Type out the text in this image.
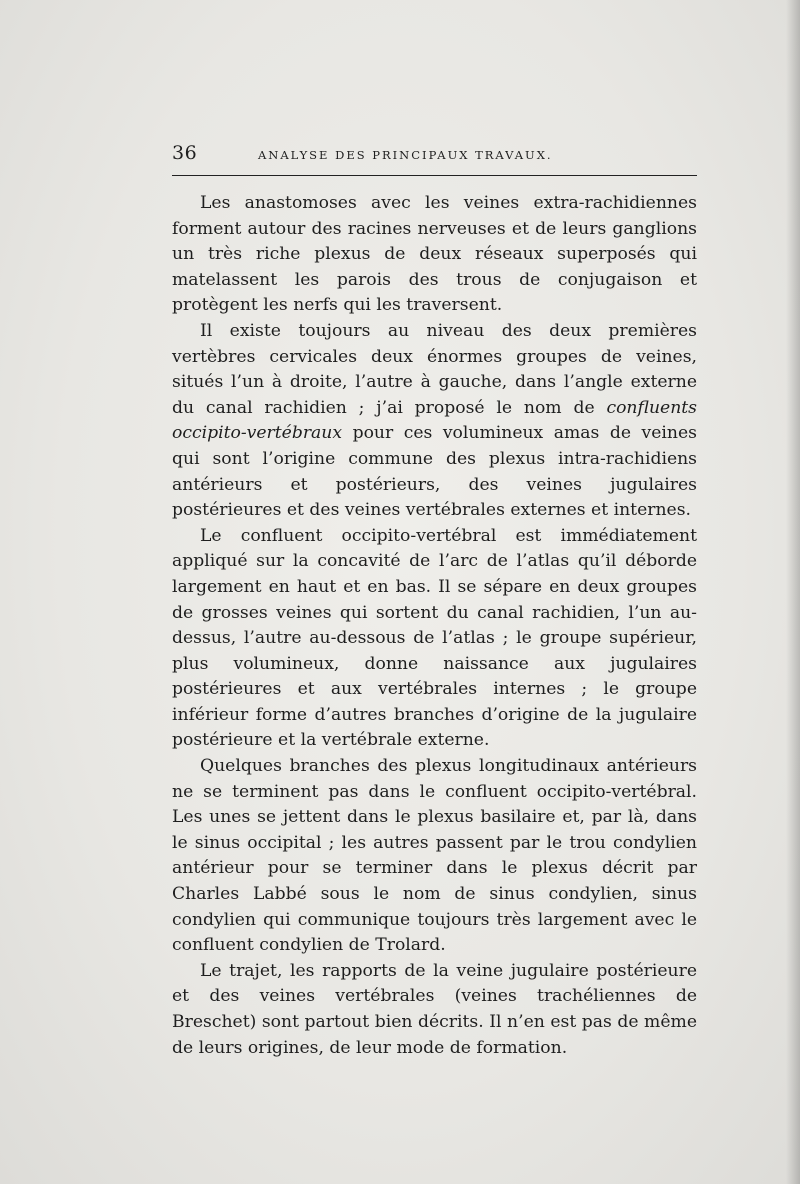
36	ANALYSE DES PRINCIPAUX TRAVAUX.

Les anastomoses avec les veines extra-rachidiennes forment autour des racines nerveuses et de leurs ganglions un très riche plexus de deux réseaux superposés qui matelassent les parois des trous de conjugaison et protègent les nerfs qui les traversent.

Il existe toujours au niveau des deux premières vertèbres cervicales deux énormes groupes de veines, situés l’un à droite, l’autre à gauche, dans l’angle externe du canal rachidien ; j’ai proposé le nom de confluents occipito-vertébraux pour ces volumineux amas de veines qui sont l’origine commune des plexus intra-rachidiens antérieurs et postérieurs, des veines jugulaires postérieures et des veines vertébrales externes et internes.

Le confluent occipito-vertébral est immédiatement appliqué sur la concavité de l’arc de l’atlas qu’il déborde largement en haut et en bas. Il se sépare en deux groupes de grosses veines qui sortent du canal rachidien, l’un au-dessus, l’autre au-dessous de l’atlas ; le groupe supérieur, plus volumineux, donne naissance aux jugulaires postérieures et aux vertébrales internes ; le groupe inférieur forme d’autres branches d’origine de la jugulaire postérieure et la vertébrale externe.

Quelques branches des plexus longitudinaux antérieurs ne se terminent pas dans le confluent occipito-vertébral. Les unes se jettent dans le plexus basilaire et, par là, dans le sinus occipital ; les autres passent par le trou condylien antérieur pour se terminer dans le plexus décrit par Charles Labbé sous le nom de sinus condylien, sinus condylien qui communique toujours très largement avec le confluent condylien de Trolard.

Le trajet, les rapports de la veine jugulaire postérieure et des veines vertébrales (veines trachéliennes de Breschet) sont partout bien décrits. Il n’en est pas de même de leurs origines, de leur mode de formation.
